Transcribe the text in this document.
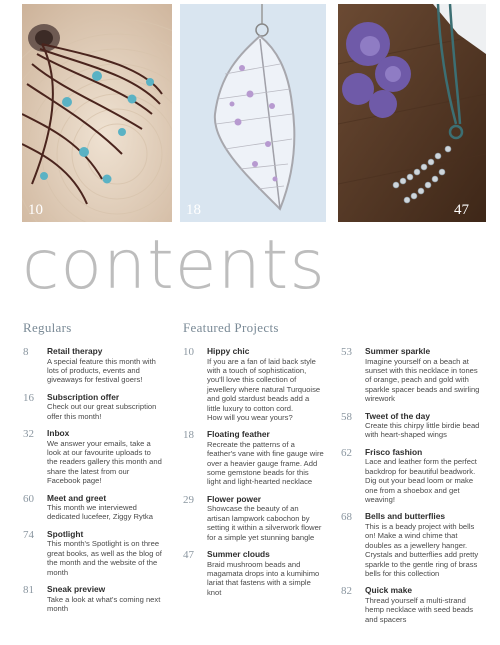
10	18	47
contents
Regulars	Featured Projects
8 Retail therapy
A special feature this month with
lots of products, events and
giveaways for festival goers!
16 Subscription offer
Check out our great subscription
offer this month!
32 Inbox
We answer your emails, take a
look at our favourite uploads to
the readers gallery this month and
share the latest from our
Facebook page!
60 Meet and greet
This month we interviewed
dedicated lucefeer, Ziggy Rytka
74 Spotlight
This month's Spotlight is on three
great books, as well as the blog of
the month and the website of the
month
81 Sneak preview
Take a look at what's coming next
month
10 Hippy chic
If you are a fan of laid back style
with a touch of sophistication,
you'll love this collection of
jewellery where natural Turquoise
and gold stardust beads add a
little luxury to cotton cord.
How will you wear yours?
18 Floating feather
Recreate the patterns of a
feather's vane with fine gauge wire
over a heavier gauge frame. Add
some gemstone beads for this
light and light-hearted necklace
29 Flower power
Showcase the beauty of an
artisan lampwork cabochon by
setting it within a silverwork flower
for a simple yet stunning bangle
47 Summer clouds
Braid mushroom beads and
magamata drops into a kumihimo
lariat that fastens with a simple
knot
53 Summer sparkle
Imagine yourself on a beach at
sunset with this necklace in tones
of orange, peach and gold with
sparkle spacer beads and swirling
wirework
58 Tweet of the day
Create this chirpy little birdie bead
with heart-shaped wings
62 Frisco fashion
Lace and leather form the perfect
backdrop for beautiful beadwork.
Dig out your bead loom or make
one from a shoebox and get
weaving!
68 Bells and butterflies
This is a beady project with bells
on! Make a wind chime that
doubles as a jewellery hanger.
Crystals and butterflies add pretty
sparkle to the gentle ring of brass
bells for this collection
82 Quick make
Thread yourself a multi-strand
hemp necklace with seed beads
and spacers
